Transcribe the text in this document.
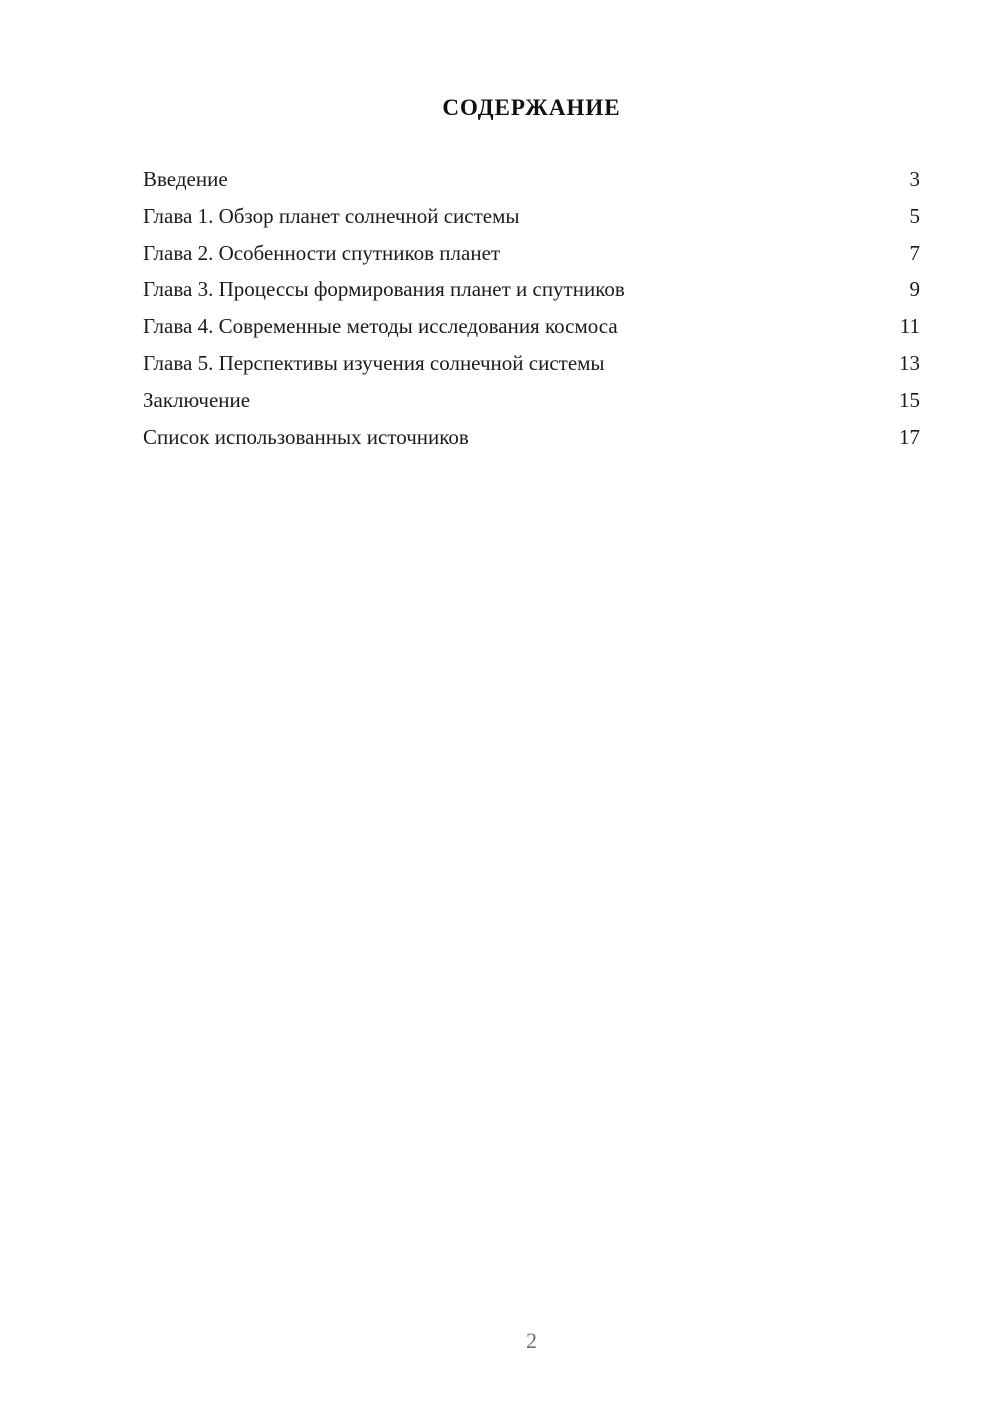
СОДЕРЖАНИЕ
Введение	3
Глава 1. Обзор планет солнечной системы	5
Глава 2. Особенности спутников планет	7
Глава 3. Процессы формирования планет и спутников	9
Глава 4. Современные методы исследования космоса	11
Глава 5. Перспективы изучения солнечной системы	13
Заключение	15
Список использованных источников	17
2
